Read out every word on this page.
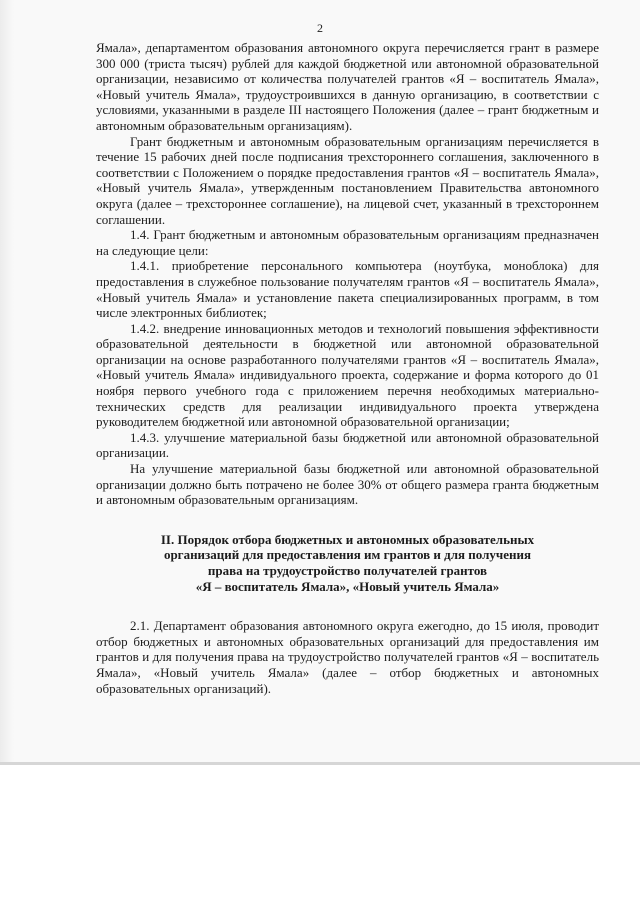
2

Ямала», департаментом образования автономного округа перечисляется грант в размере 300 000 (триста тысяч) рублей для каждой бюджетной или автономной образовательной организации, независимо от количества получателей грантов «Я – воспитатель Ямала», «Новый учитель Ямала», трудоустроившихся в данную организацию, в соответствии с условиями, указанными в разделе III настоящего Положения (далее – грант бюджетным и автономным образовательным организациям).

Грант бюджетным и автономным образовательным организациям перечисляется в течение 15 рабочих дней после подписания трехстороннего соглашения, заключенного в соответствии с Положением о порядке предоставления грантов «Я – воспитатель Ямала», «Новый учитель Ямала», утвержденным постановлением Правительства автономного округа (далее – трехстороннее соглашение), на лицевой счет, указанный в трехстороннем соглашении.

1.4. Грант бюджетным и автономным образовательным организациям предназначен на следующие цели:

1.4.1. приобретение персонального компьютера (ноутбука, моноблока) для предоставления в служебное пользование получателям грантов «Я – воспитатель Ямала», «Новый учитель Ямала» и установление пакета специализированных программ, в том числе электронных библиотек;

1.4.2. внедрение инновационных методов и технологий повышения эффективности образовательной деятельности в бюджетной или автономной образовательной организации на основе разработанного получателями грантов «Я – воспитатель Ямала», «Новый учитель Ямала» индивидуального проекта, содержание и форма которого до 01 ноября первого учебного года с приложением перечня необходимых материально-технических средств для реализации индивидуального проекта утверждена руководителем бюджетной или автономной образовательной организации;

1.4.3. улучшение материальной базы бюджетной или автономной образовательной организации.

На улучшение материальной базы бюджетной или автономной образовательной организации должно быть потрачено не более 30% от общего размера гранта бюджетным и автономным образовательным организациям.

II. Порядок отбора бюджетных и автономных образовательных
организаций для предоставления им грантов и для получения
права на трудоустройство получателей грантов
«Я – воспитатель Ямала», «Новый учитель Ямала»

2.1. Департамент образования автономного округа ежегодно, до 15 июля, проводит отбор бюджетных и автономных образовательных организаций для предоставления им грантов и для получения права на трудоустройство получателей грантов «Я – воспитатель Ямала», «Новый учитель Ямала» (далее – отбор бюджетных и автономных образовательных организаций).
